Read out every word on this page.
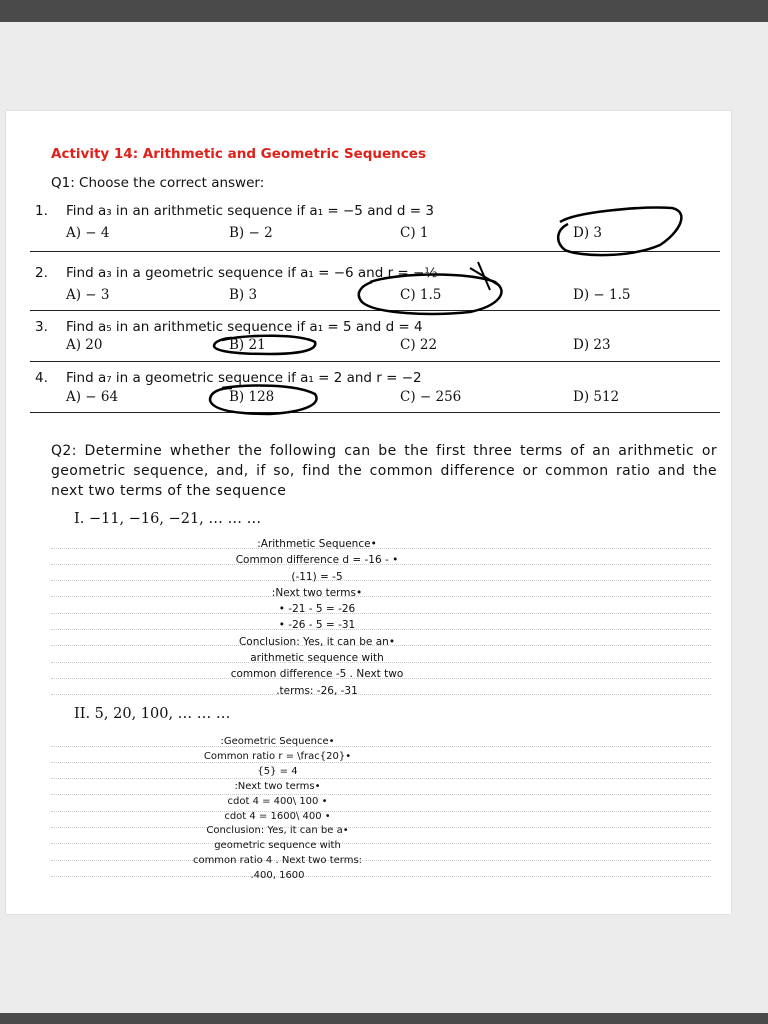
Activity 14: Arithmetic and Geometric Sequences
Q1: Choose the correct answer:
1. Find a₃ in an arithmetic sequence if a₁ = −5 and d = 3
A) − 4	B) − 2	C) 1	D) 3
2. Find a₃ in a geometric sequence if a₁ = −6 and r = −½
A) − 3	B) 3	C) 1.5	D) − 1.5
3. Find a₅ in an arithmetic sequence if a₁ = 5 and d = 4
A) 20	B) 21	C) 22	D) 23
4. Find a₇ in a geometric sequence if a₁ = 2 and r = −2
A) − 64	B) 128	C) − 256	D) 512
Q2: Determine whether the following can be the first three terms of an arithmetic or geometric sequence, and, if so, find the common difference or common ratio and the next two terms of the sequence
I. −11, −16, −21, … … …
:Arithmetic Sequence•
Common difference d = -16 - •
(-11) = -5
:Next two terms•
• -21 - 5 = -26
• -26 - 5 = -31
Conclusion: Yes, it can be an•
arithmetic sequence with
common difference -5 . Next two
.terms: -26, -31
II. 5, 20, 100, … … …
:Geometric Sequence•
Common ratio r = \frac{20}•
{5} = 4
:Next two terms•
cdot 4 = 400\ 100 •
cdot 4 = 1600\ 400 •
Conclusion: Yes, it can be a•
geometric sequence with
common ratio 4 . Next two terms:
.400, 1600
